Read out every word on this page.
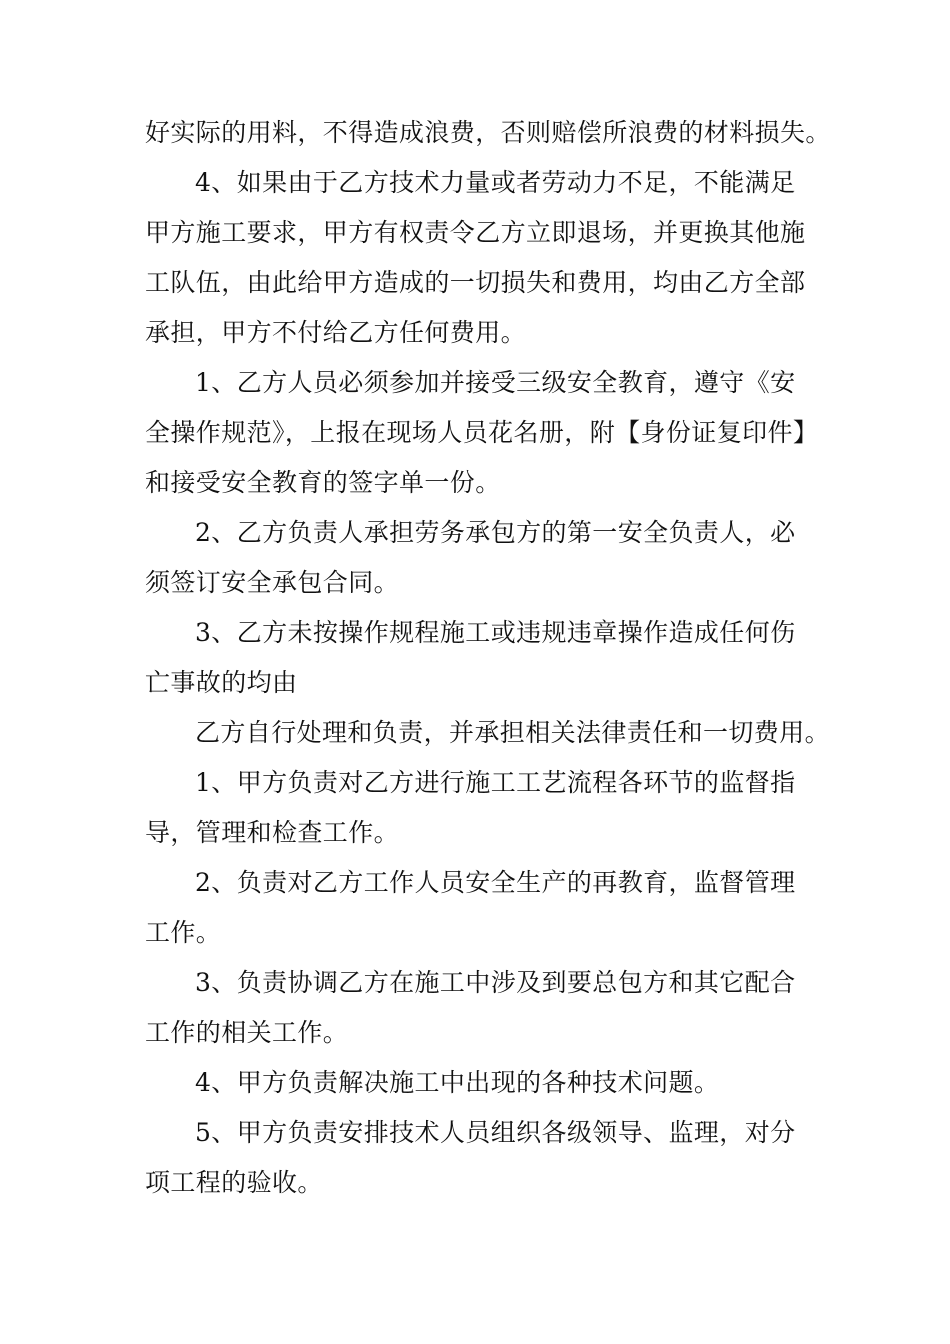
好实际的用料，不得造成浪费，否则赔偿所浪费的材料损失。
4、如果由于乙方技术力量或者劳动力不足，不能满足
甲方施工要求，甲方有权责令乙方立即退场，并更换其他施
工队伍，由此给甲方造成的一切损失和费用，均由乙方全部
承担，甲方不付给乙方任何费用。
1、乙方人员必须参加并接受三级安全教育，遵守《安
全操作规范》，上报在现场人员花名册，附【身份证复印件】
和接受安全教育的签字单一份。
2、乙方负责人承担劳务承包方的第一安全负责人，必
须签订安全承包合同。
3、乙方未按操作规程施工或违规违章操作造成任何伤
亡事故的均由
乙方自行处理和负责，并承担相关法律责任和一切费用。
1、甲方负责对乙方进行施工工艺流程各环节的监督指
导，管理和检查工作。
2、负责对乙方工作人员安全生产的再教育，监督管理
工作。
3、负责协调乙方在施工中涉及到要总包方和其它配合
工作的相关工作。
4、甲方负责解决施工中出现的各种技术问题。
5、甲方负责安排技术人员组织各级领导、监理，对分
项工程的验收。
